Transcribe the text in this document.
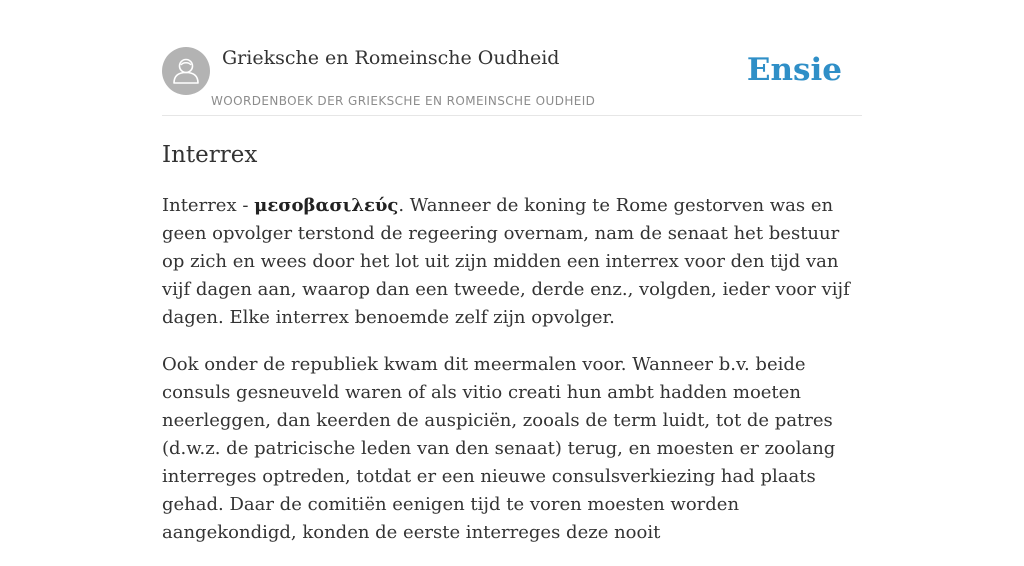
Grieksche en Romeinsche Oudheid
WOORDENBOEK DER GRIEKSCHE EN ROMEINSCHE OUDHEID
Ensie
Interrex

Interrex - μεσοβασιλεύς. Wanneer de koning te Rome gestorven was en geen opvolger terstond de regeering overnam, nam de senaat het bestuur op zich en wees door het lot uit zijn midden een interrex voor den tijd van vijf dagen aan, waarop dan een tweede, derde enz., volgden, ieder voor vijf dagen. Elke interrex benoemde zelf zijn opvolger.

Ook onder de republiek kwam dit meermalen voor. Wanneer b.v. beide consuls gesneuveld waren of als vitio creati hun ambt hadden moeten neerleggen, dan keerden de auspiciën, zooals de term luidt, tot de patres (d.w.z. de patricische leden van den senaat) terug, en moesten er zoolang interreges optreden, totdat er een nieuwe consulsverkiezing had plaats gehad. Daar de comitiën eenigen tijd te voren moesten worden aangekondigd, konden de eerste interreges deze nooit
